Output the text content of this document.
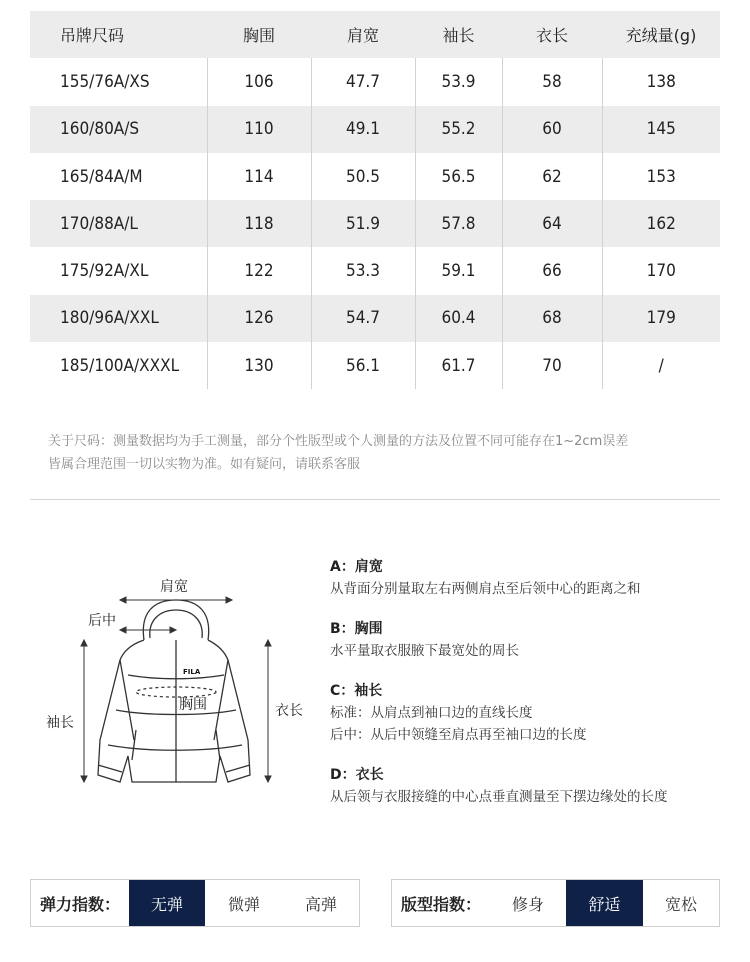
吊牌尺码	胸围	肩宽	袖长	衣长	充绒量(g)
155/76A/XS	106	47.7	53.9	58	138
160/80A/S	110	49.1	55.2	60	145
165/84A/M	114	50.5	56.5	62	153
170/88A/L	118	51.9	57.8	64	162
175/92A/XL	122	53.3	59.1	66	170
180/96A/XXL	126	54.7	60.4	68	179
185/100A/XXXL	130	56.1	61.7	70	/
关于尺码：测量数据均为手工测量，部分个性版型或个人测量的方法及位置不同可能存在1~2cm误差
皆属合理范围一切以实物为准。如有疑问，请联系客服
FILA
肩宽
后中
胸围
袖长
衣长
A：肩宽
从背面分别量取左右两侧肩点至后领中心的距离之和
B：胸围
水平量取衣服腋下最宽处的周长
C：袖长
标准：从肩点到袖口边的直线长度
后中：从后中领缝至肩点再至袖口边的长度
D：衣长
从后领与衣服接缝的中心点垂直测量至下摆边缘处的长度
弹力指数：	无弹	微弹	高弹	版型指数：	修身	舒适	宽松
